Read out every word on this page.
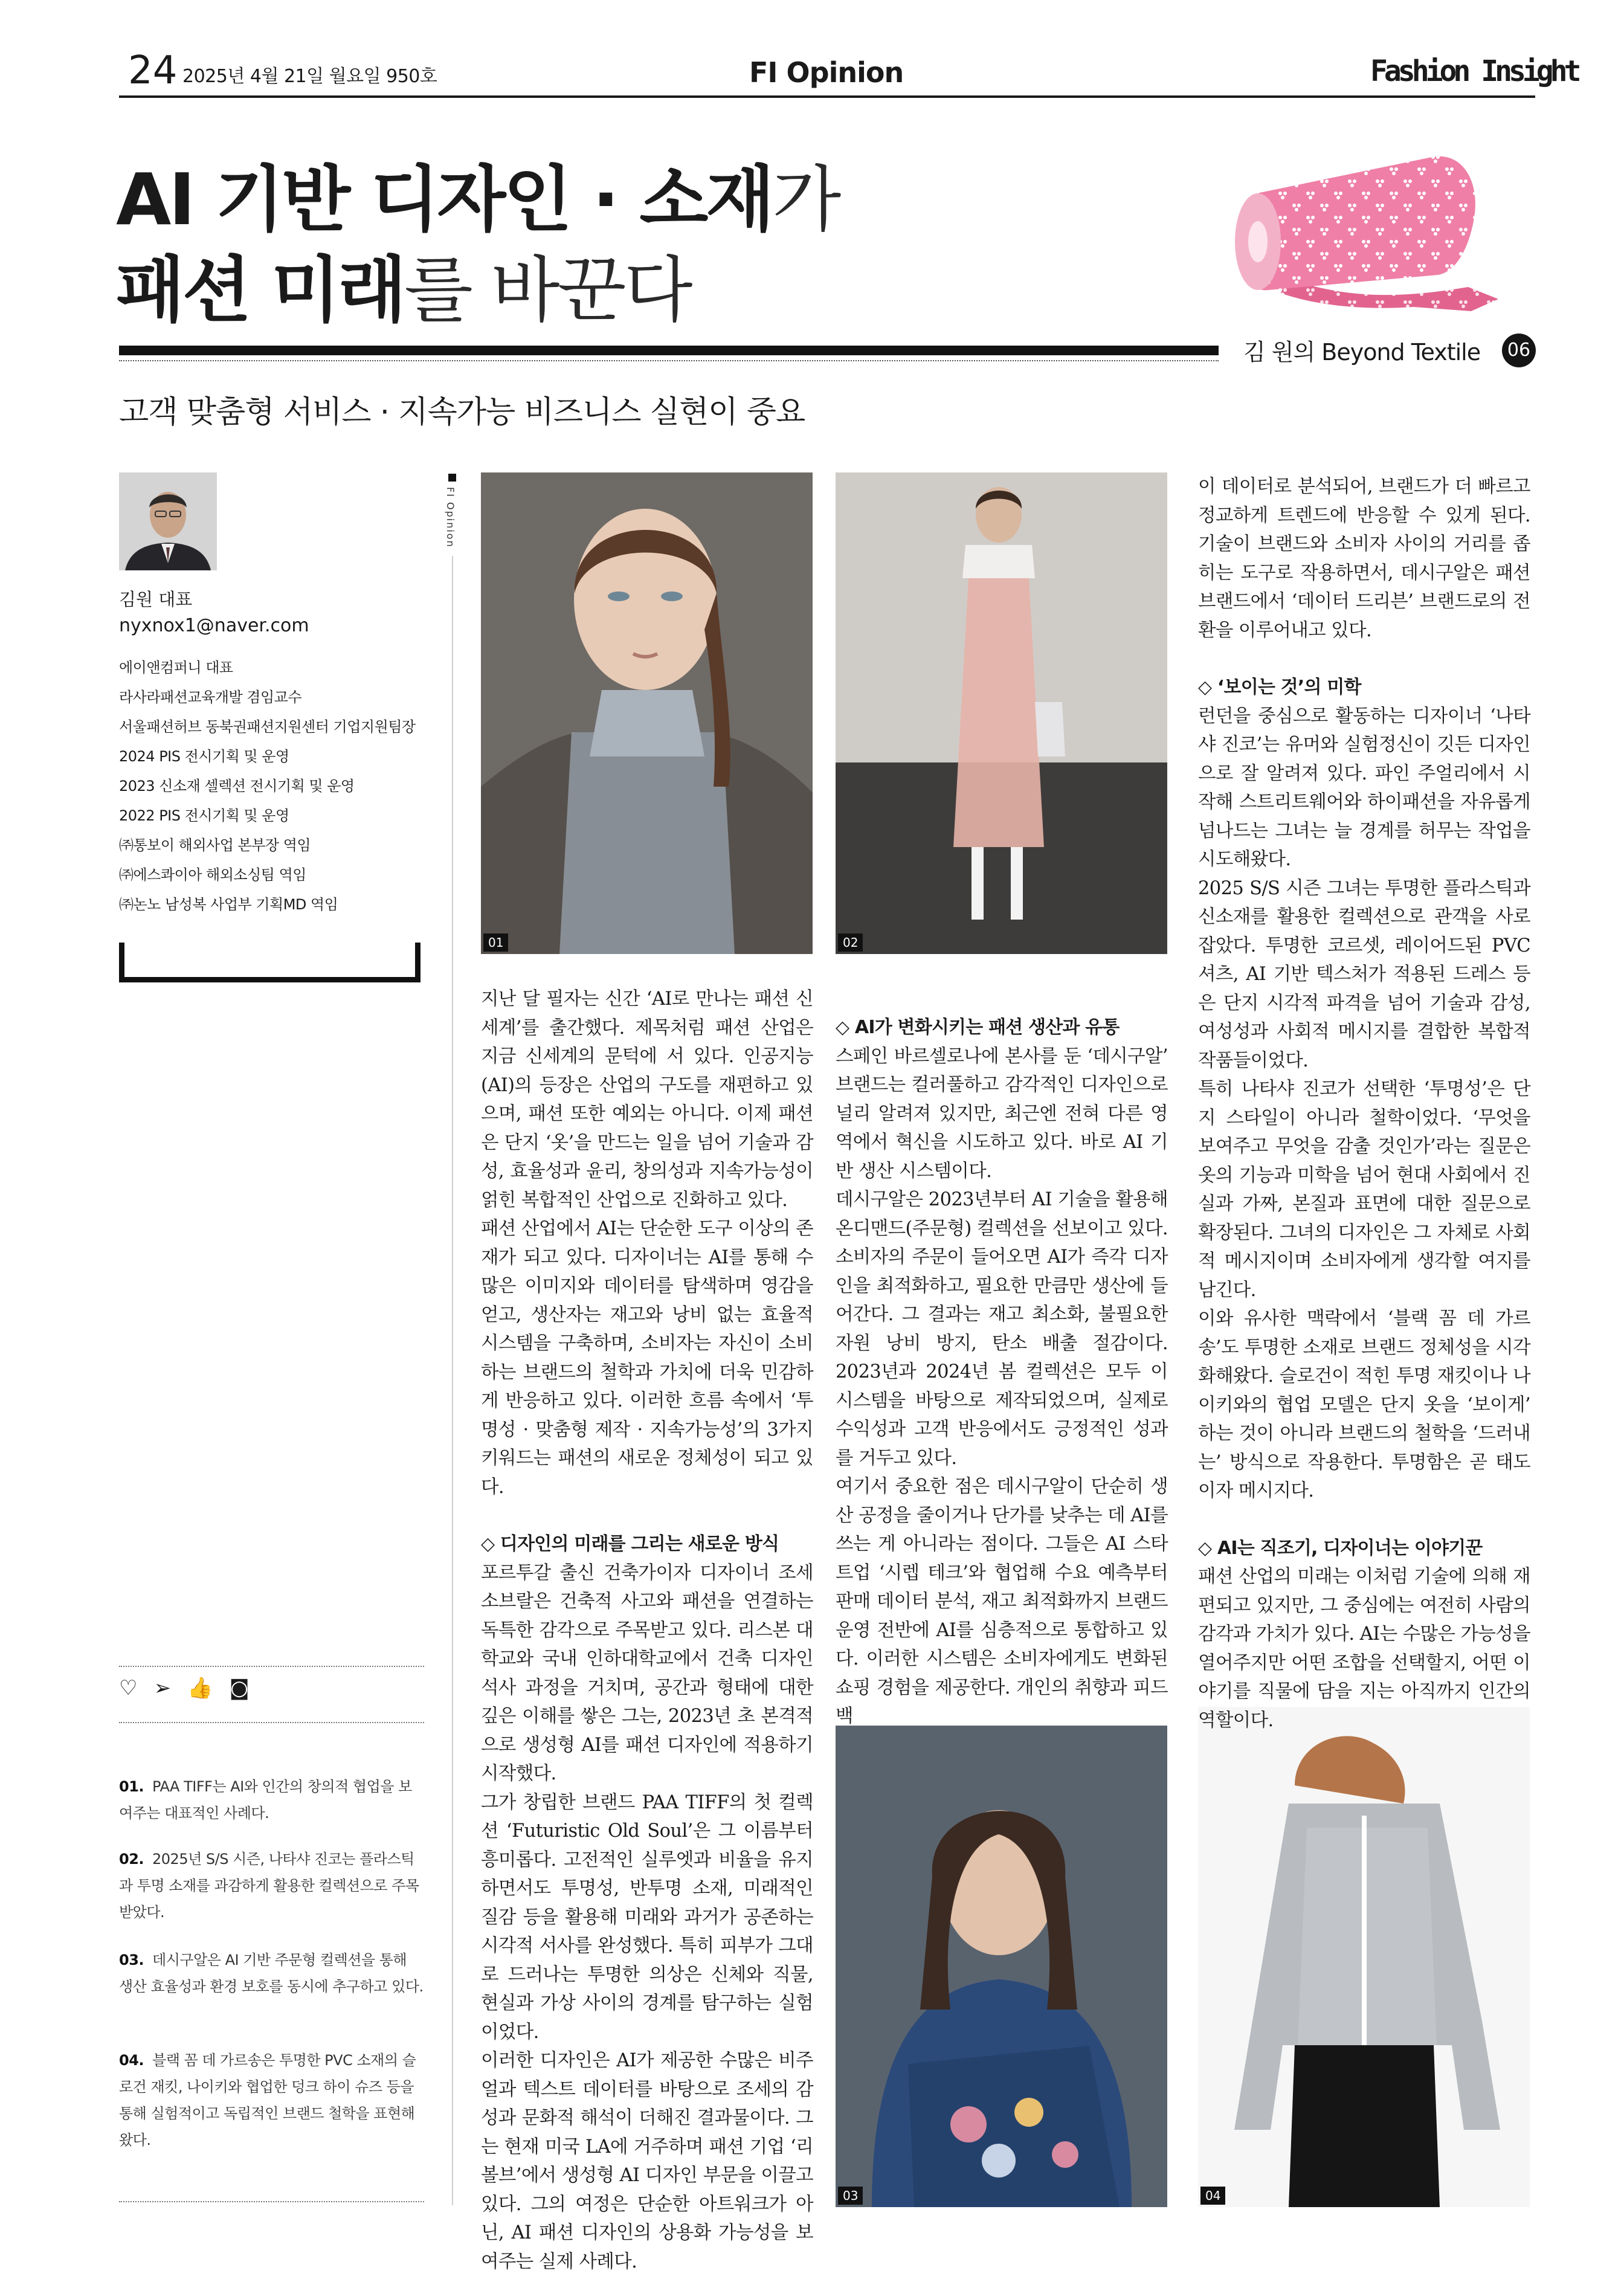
24 2025년 4월 21일 월요일 950호	FI Opinion	Fashion Insight
AI 기반 디자인 · 소재가
패션 미래를 바꾼다
김 원의 Beyond Textile 06
고객 맞춤형 서비스 · 지속가능 비즈니스 실현이 중요
김원 대표
nyxnox1@naver.com
에이앤컴퍼니 대표
라사라패션교육개발 겸임교수
서울패션허브 동북권패션지원센터 기업지원팀장
2024 PIS 전시기획 및 운영
2023 신소재 셀렉션 전시기획 및 운영
2022 PIS 전시기획 및 운영
㈜통보이 해외사업 본부장 역임
㈜에스콰이아 해외소싱팀 역임
㈜논노 남성복 사업부 기획MD 역임
♡ ➢ 👍 ◙
01. PAA TIFF는 AI와 인간의 창의적 협업을 보여주는 대표적인 사례다.
02. 2025년 S/S 시즌, 나타샤 진코는 플라스틱과 투명 소재를 과감하게 활용한 컬렉션으로 주목받았다.
03. 데시구알은 AI 기반 주문형 컬렉션을 통해 생산 효율성과 환경 보호를 동시에 추구하고 있다.
04. 블랙 꼼 데 가르송은 투명한 PVC 소재의 슬로건 재킷, 나이키와 협업한 덩크 하이 슈즈 등을 통해 실험적이고 독립적인 브랜드 철학을 표현해왔다.
FI Opinion
01	02
03	04

지난 달 필자는 신간 ‘AI로 만나는 패션 신세계’를 출간했다. 제목처럼 패션 산업은 지금 신세계의 문턱에 서 있다. 인공지능(AI)의 등장은 산업의 구도를 재편하고 있으며, 패션 또한 예외는 아니다. 이제 패션은 단지 ‘옷’을 만드는 일을 넘어 기술과 감성, 효율성과 윤리, 창의성과 지속가능성이 얽힌 복합적인 산업으로 진화하고 있다.

패션 산업에서 AI는 단순한 도구 이상의 존재가 되고 있다. 디자이너는 AI를 통해 수많은 이미지와 데이터를 탐색하며 영감을 얻고, 생산자는 재고와 낭비 없는 효율적 시스템을 구축하며, 소비자는 자신이 소비하는 브랜드의 철학과 가치에 더욱 민감하게 반응하고 있다. 이러한 흐름 속에서 ‘투명성 · 맞춤형 제작 · 지속가능성’의 3가지 키워드는 패션의 새로운 정체성이 되고 있다.

◇ 디자인의 미래를 그리는 새로운 방식

포르투갈 출신 건축가이자 디자이너 조세 소브랄은 건축적 사고와 패션을 연결하는 독특한 감각으로 주목받고 있다. 리스본 대학교와 국내 인하대학교에서 건축 디자인 석사 과정을 거치며, 공간과 형태에 대한 깊은 이해를 쌓은 그는, 2023년 초 본격적으로 생성형 AI를 패션 디자인에 적용하기 시작했다.

그가 창립한 브랜드 PAA TIFF의 첫 컬렉션 ‘Futuristic Old Soul’은 그 이름부터 흥미롭다. 고전적인 실루엣과 비율을 유지하면서도 투명성, 반투명 소재, 미래적인 질감 등을 활용해 미래와 과거가 공존하는 시각적 서사를 완성했다. 특히 피부가 그대로 드러나는 투명한 의상은 신체와 직물, 현실과 가상 사이의 경계를 탐구하는 실험이었다.

이러한 디자인은 AI가 제공한 수많은 비주얼과 텍스트 데이터를 바탕으로 조세의 감성과 문화적 해석이 더해진 결과물이다. 그는 현재 미국 LA에 거주하며 패션 기업 ‘리볼브’에서 생성형 AI 디자인 부문을 이끌고 있다. 그의 여정은 단순한 아트워크가 아닌, AI 패션 디자인의 상용화 가능성을 보여주는 실제 사례다.

◇ AI가 변화시키는 패션 생산과 유통

스페인 바르셀로나에 본사를 둔 ‘데시구알’ 브랜드는 컬러풀하고 감각적인 디자인으로 널리 알려져 있지만, 최근엔 전혀 다른 영역에서 혁신을 시도하고 있다. 바로 AI 기반 생산 시스템이다.

데시구알은 2023년부터 AI 기술을 활용해 온디맨드(주문형) 컬렉션을 선보이고 있다. 소비자의 주문이 들어오면 AI가 즉각 디자인을 최적화하고, 필요한 만큼만 생산에 들어간다. 그 결과는 재고 최소화, 불필요한 자원 낭비 방지, 탄소 배출 절감이다. 2023년과 2024년 봄 컬렉션은 모두 이 시스템을 바탕으로 제작되었으며, 실제로 수익성과 고객 반응에서도 긍정적인 성과를 거두고 있다.

여기서 중요한 점은 데시구알이 단순히 생산 공정을 줄이거나 단가를 낮추는 데 AI를 쓰는 게 아니라는 점이다. 그들은 AI 스타트업 ‘시렙 테크’와 협업해 수요 예측부터 판매 데이터 분석, 재고 최적화까지 브랜드 운영 전반에 AI를 심층적으로 통합하고 있다. 이러한 시스템은 소비자에게도 변화된 쇼핑 경험을 제공한다. 개인의 취향과 피드백

이 데이터로 분석되어, 브랜드가 더 빠르고 정교하게 트렌드에 반응할 수 있게 된다. 기술이 브랜드와 소비자 사이의 거리를 좁히는 도구로 작용하면서, 데시구알은 패션 브랜드에서 ‘데이터 드리븐’ 브랜드로의 전환을 이루어내고 있다.

◇ ‘보이는 것’의 미학

런던을 중심으로 활동하는 디자이너 ‘나타샤 진코’는 유머와 실험정신이 깃든 디자인으로 잘 알려져 있다. 파인 주얼리에서 시작해 스트리트웨어와 하이패션을 자유롭게 넘나드는 그녀는 늘 경계를 허무는 작업을 시도해왔다.

2025 S/S 시즌 그녀는 투명한 플라스틱과 신소재를 활용한 컬렉션으로 관객을 사로잡았다. 투명한 코르셋, 레이어드된 PVC 셔츠, AI 기반 텍스처가 적용된 드레스 등은 단지 시각적 파격을 넘어 기술과 감성, 여성성과 사회적 메시지를 결합한 복합적 작품들이었다.

특히 나타샤 진코가 선택한 ‘투명성’은 단지 스타일이 아니라 철학이었다. ‘무엇을 보여주고 무엇을 감출 것인가’라는 질문은 옷의 기능과 미학을 넘어 현대 사회에서 진실과 가짜, 본질과 표면에 대한 질문으로 확장된다. 그녀의 디자인은 그 자체로 사회적 메시지이며 소비자에게 생각할 여지를 남긴다.

이와 유사한 맥락에서 ‘블랙 꼼 데 가르송’도 투명한 소재로 브랜드 정체성을 시각화해왔다. 슬로건이 적힌 투명 재킷이나 나이키와의 협업 모델은 단지 옷을 ‘보이게’ 하는 것이 아니라 브랜드의 철학을 ‘드러내는’ 방식으로 작용한다. 투명함은 곧 태도이자 메시지다.

◇ AI는 직조기, 디자이너는 이야기꾼

패션 산업의 미래는 이처럼 기술에 의해 재편되고 있지만, 그 중심에는 여전히 사람의 감각과 가치가 있다. AI는 수많은 가능성을 열어주지만 어떤 조합을 선택할지, 어떤 이야기를 직물에 담을 지는 아직까지 인간의 역할이다.
